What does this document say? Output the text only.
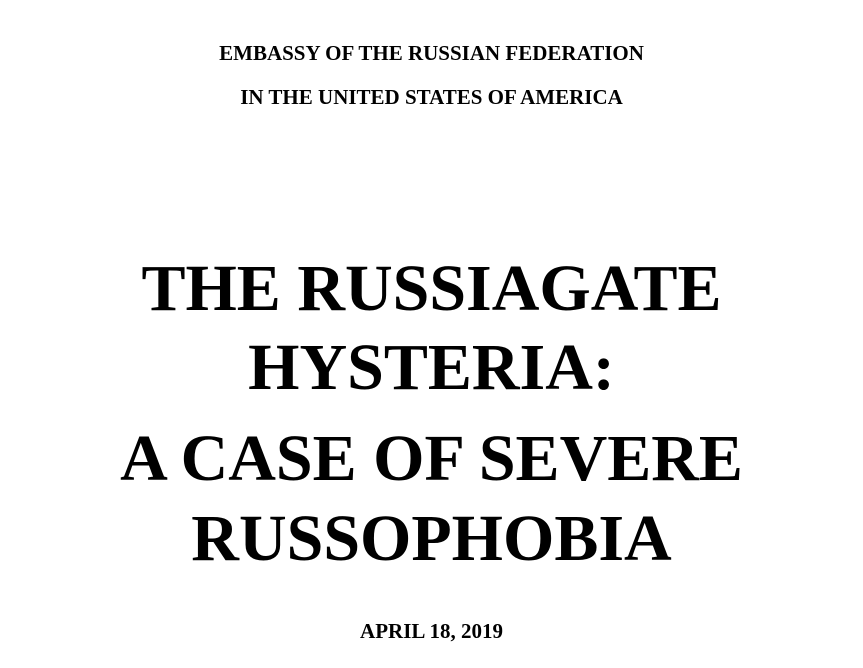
EMBASSY OF THE RUSSIAN FEDERATION
IN THE UNITED STATES OF AMERICA
THE RUSSIAGATE
HYSTERIA:
A CASE OF SEVERE
RUSSOPHOBIA
APRIL 18, 2019
